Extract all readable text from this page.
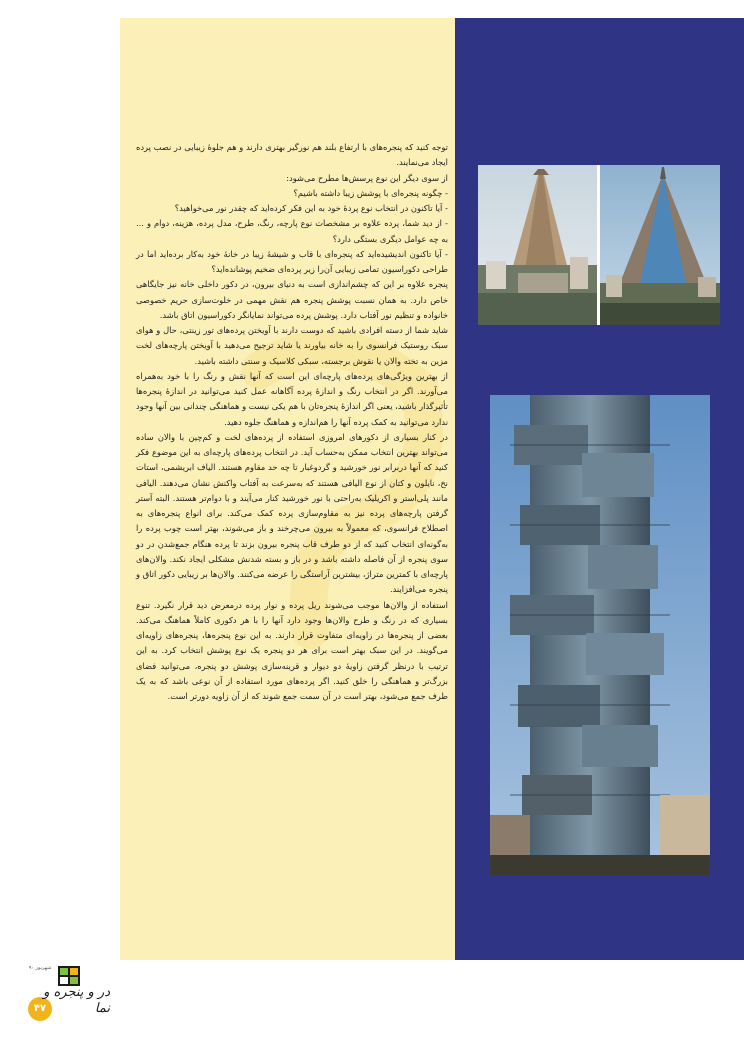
توجه کنید که پنجره‌های با ارتفاع بلند هم نورگیر بهتری دارند و هم جلوهٔ زیبایی در نصب پرده ایجاد می‌نمایند.

از سوی دیگر این نوع پرسش‌ها مطرح می‌شود:

- چگونه پنجره‌ای با پوشش زیبا داشته باشیم؟

- آیا تاکنون در انتخاب نوع پردهٔ خود به این فکر کرده‌اید که چقدر نور می‌خواهید؟

- از دید شما، پرده علاوه بر مشخصات نوع پارچه، رنگ، طرح، مدل پرده، هزینه، دوام و ... به چه عوامل دیگری بستگی دارد؟

- آیا تاکنون اندیشیده‌اید که پنجره‌ای با قاب و شیشهٔ زیبا در خانهٔ خود به‌کار برده‌اید اما در طراحی دکوراسیون تمامی زیبایی آن‌را زیر پرده‌ای ضخیم پوشانده‌اید؟

پنجره علاوه بر این که چشم‌اندازی است به دنیای بیرون، در دکور داخلی خانه نیز جایگاهی خاص دارد. به همان نسبت پوشش پنجره هم نقش مهمی در خلوت‌سازی حریم خصوصی خانواده و تنظیم نور آفتاب دارد. پوشش پرده می‌تواند نمایانگر دکوراسیون اتاق باشد.

شاید شما از دسته افرادی باشید که دوست دارند با آویختن پرده‌های تور زینتی، حال و هوای سبک روستیک فرانسوی را به خانه بیاورند یا شاید ترجیح می‌دهید با آویختن پارچه‌های لخت مزین به تخته والان یا نقوش برجسته، سبکی کلاسیک و سنتی داشته باشید.

از بهترین ویژگی‌های پرده‌های پارچه‌ای این است که آنها نقش و رنگ را با خود به‌همراه می‌آورند. اگر در انتخاب رنگ و اندازهٔ پرده آگاهانه عمل کنید می‌توانید در اندازهٔ پنجره‌ها تأثیرگذار باشید، یعنی اگر اندازهٔ پنجره‌تان با هم یکی نیست و هماهنگی چندانی بین آنها وجود ندارد می‌توانید به کمک پرده آنها را هم‌اندازه و هماهنگ جلوه دهید.

در کنار بسیاری از دکورهای امروزی استفاده از پرده‌های لخت و کم‌چین با والان ساده می‌تواند بهترین انتخاب ممکن به‌حساب آید. در انتخاب پرده‌های پارچه‌ای به این موضوع فکر کنید که آنها در‌برابر نور خورشید و گردوغبار تا چه حد مقاوم هستند. الیاف ابریشمی، استات نخ، نایلون و کتان از نوع الیافی هستند که به‌سرعت به آفتاب واکنش نشان می‌دهند. الیافی مانند پلی‌استر و اکریلیک به‌راحتی با نور خورشید کنار می‌آیند و با دوام‌تر هستند. البته آستر گرفتن پارچه‌های پرده نیز به مقاوم‌سازی پرده کمک می‌کند. برای انواع پنجره‌های به اصطلاح فرانسوی، که معمولاً به بیرون می‌چرخند و باز می‌شوند، بهتر است چوب پرده را به‌گونه‌ای انتخاب کنید که از دو طرف قاب پنجره بیرون بزند تا پرده هنگام جمع‌شدن در دو سوی پنجره از آن فاصله داشته باشد و در باز و بسته شدنش مشکلی ایجاد نکند. والان‌های پارچه‌ای با کمترین متراژ، بیشترین آراستگی را عرضه می‌کنند. والان‌ها بر زیبایی دکور اتاق و پنجره می‌افزایند.

استفاده از والان‌ها موجب می‌شوند ریل پرده و نوار پرده درمعرض دید قرار نگیرد. تنوع بسیاری که در رنگ و طرح والان‌ها وجود دارد آنها را با هر دکوری کاملاً هماهنگ می‌کند. بعضی از پنجره‌ها در زاویه‌ای متفاوت قرار دارند. به این نوع پنجره‌ها، پنجره‌های زاویه‌ای می‌گویند. در این سبک بهتر است برای هر دو پنجره یک نوع پوشش انتخاب کرد. به این ترتیب با درنظر گرفتن زاویهٔ دو دیوار و قرینه‌سازی پوشش دو پنجره، می‌توانید فضای بزرگ‌تر و هماهنگی را خلق کنید. اگر پرده‌های مورد استفاده از آن نوعی باشد که به یک طرف جمع می‌شود، بهتر است در آن سمت جمع شوند که از آن زاویه دورتر است.

شهریور ۹۰
۴۷
در و پنجره و نما
